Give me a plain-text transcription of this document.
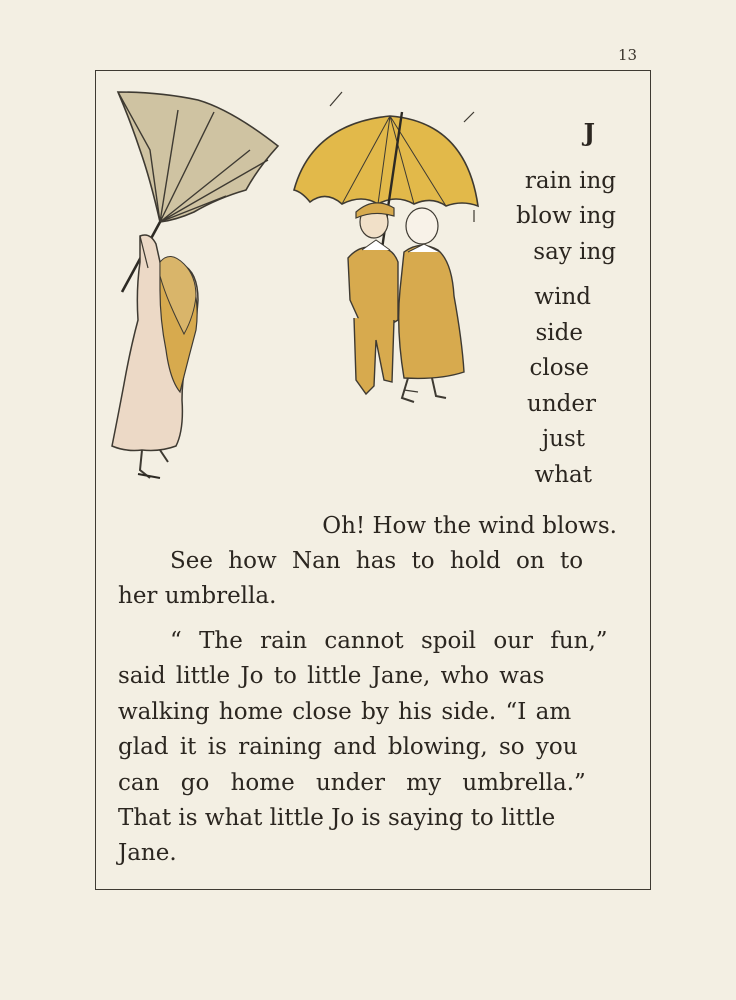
13
J
rain ing
blow ing
say ing
wind
side
close
under
just
what
Oh! How the wind blows.
See how Nan has to hold on to
her umbrella.
“ The rain cannot spoil our fun,”
said little Jo to little Jane, who was
walking home close by his side. “I am
glad it is raining and blowing, so you
can go home under my umbrella.”
That is what little Jo is saying to little
Jane.
